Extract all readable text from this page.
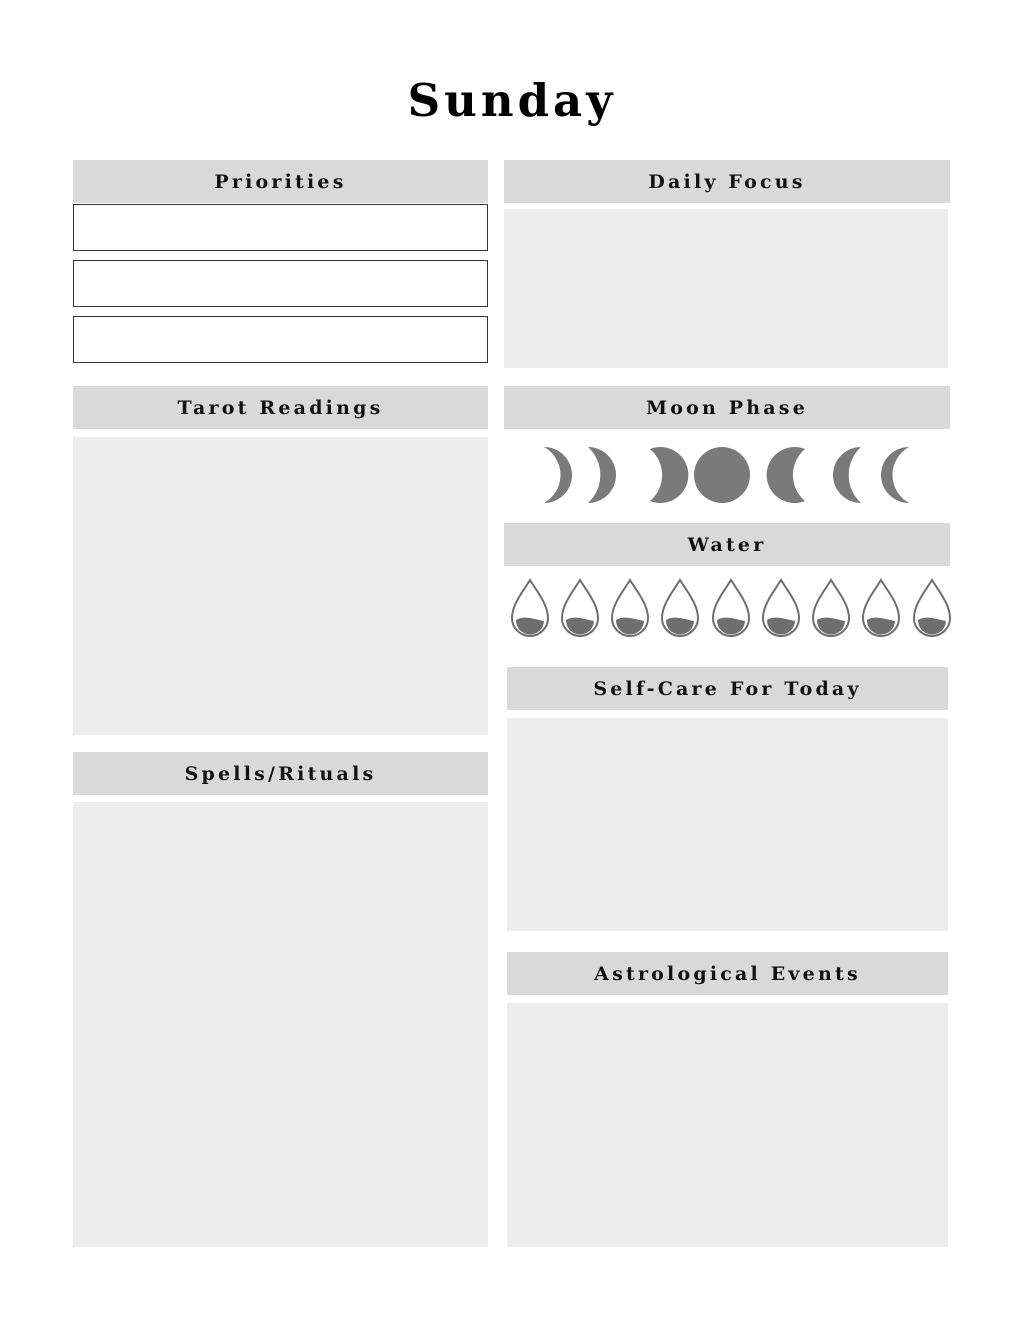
Sunday
Priorities
Tarot Readings
Spells/Rituals
Daily Focus
Moon Phase
Water
Self-Care For Today
Astrological Events
